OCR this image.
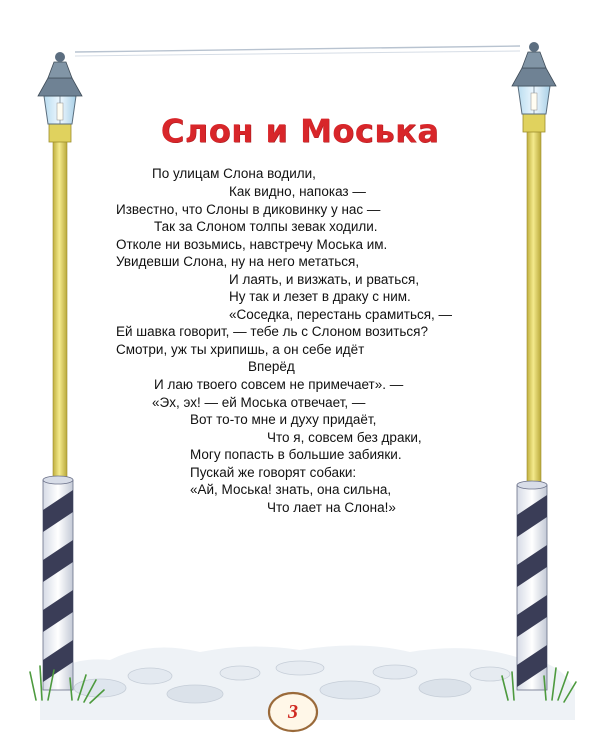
Слон и Моська
По улицам Слона водили,
Как видно, напоказ —
Известно, что Слоны в диковинку у нас —
Так за Слоном толпы зевак ходили.
Отколе ни возьмись, навстречу Моська им.
Увидевши Слона, ну на него метаться,
И лаять, и визжать, и рваться,
Ну так и лезет в драку с ним.
«Соседка, перестань срамиться, —
Ей шавка говорит, — тебе ль с Слоном возиться?
Смотри, уж ты хрипишь, а он себе идёт
Вперёд
И лаю твоего совсем не примечает». —
«Эх, эх! — ей Моська отвечает, —
Вот то-то мне и духу придаёт,
Что я, совсем без драки,
Могу попасть в большие забияки.
Пускай же говорят собаки:
«Ай, Моська! знать, она сильна,
Что лает на Слона!»
3
